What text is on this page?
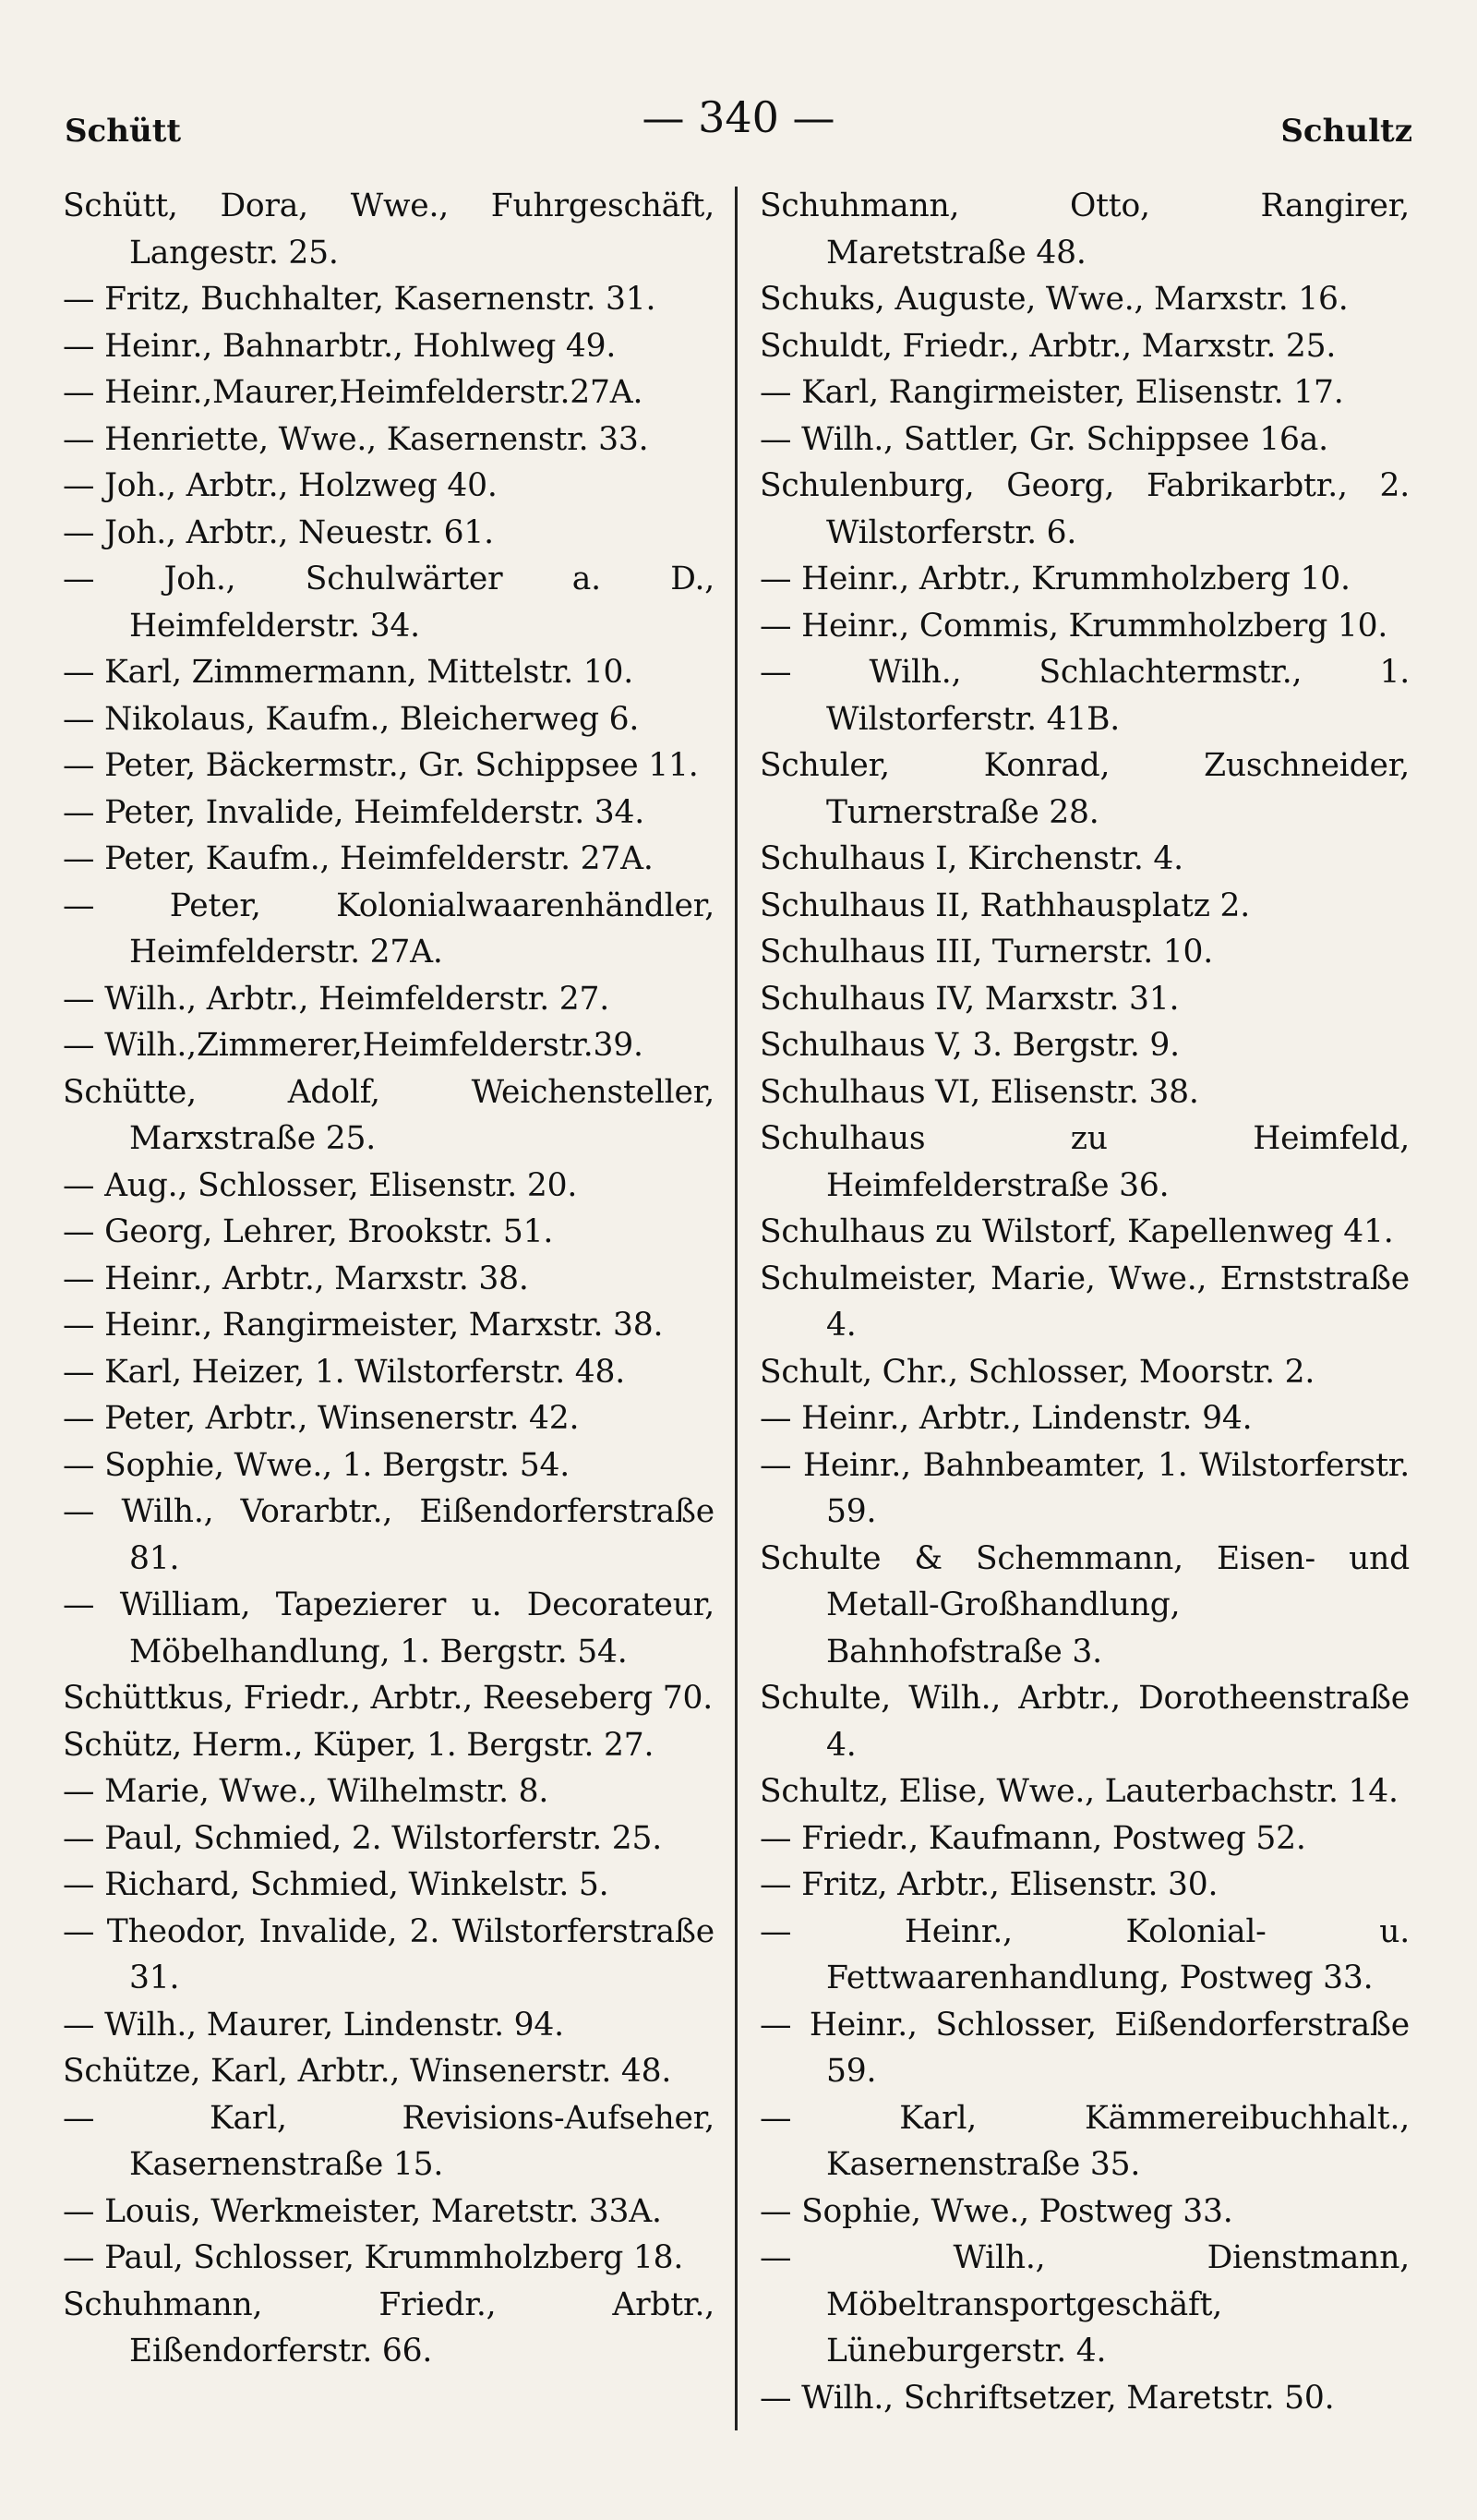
Schütt	— 340 —	Schultz
Schütt, Dora, Wwe., Fuhrgeschäft, Langestr. 25.
— Fritz, Buchhalter, Kasernenstr. 31.
— Heinr., Bahnarbtr., Hohlweg 49.
— Heinr.,Maurer,Heimfelderstr.27A.
— Henriette, Wwe., Kasernenstr. 33.
— Joh., Arbtr., Holzweg 40.
— Joh., Arbtr., Neuestr. 61.
— Joh., Schulwärter a. D., Heimfelderstr. 34.
— Karl, Zimmermann, Mittelstr. 10.
— Nikolaus, Kaufm., Bleicherweg 6.
— Peter, Bäckermstr., Gr. Schippsee 11.
— Peter, Invalide, Heimfelderstr. 34.
— Peter, Kaufm., Heimfelderstr. 27A.
— Peter, Kolonialwaarenhändler, Heimfelderstr. 27A.
— Wilh., Arbtr., Heimfelderstr. 27.
— Wilh.,Zimmerer,Heimfelderstr.39.
Schütte, Adolf, Weichensteller, Marxstraße 25.
— Aug., Schlosser, Elisenstr. 20.
— Georg, Lehrer, Brookstr. 51.
— Heinr., Arbtr., Marxstr. 38.
— Heinr., Rangirmeister, Marxstr. 38.
— Karl, Heizer, 1. Wilstorferstr. 48.
— Peter, Arbtr., Winsenerstr. 42.
— Sophie, Wwe., 1. Bergstr. 54.
— Wilh., Vorarbtr., Eißendorferstraße 81.
— William, Tapezierer u. Decorateur, Möbelhandlung, 1. Bergstr. 54.
Schüttkus, Friedr., Arbtr., Reeseberg 70.
Schütz, Herm., Küper, 1. Bergstr. 27.
— Marie, Wwe., Wilhelmstr. 8.
— Paul, Schmied, 2. Wilstorferstr. 25.
— Richard, Schmied, Winkelstr. 5.
— Theodor, Invalide, 2. Wilstorferstraße 31.
— Wilh., Maurer, Lindenstr. 94.
Schütze, Karl, Arbtr., Winsenerstr. 48.
— Karl, Revisions-Aufseher, Kasernenstraße 15.
— Louis, Werkmeister, Maretstr. 33A.
— Paul, Schlosser, Krummholzberg 18.
Schuhmann, Friedr., Arbtr., Eißendorferstr. 66.
Schuhmann, Otto, Rangirer, Maretstraße 48.
Schuks, Auguste, Wwe., Marxstr. 16.
Schuldt, Friedr., Arbtr., Marxstr. 25.
— Karl, Rangirmeister, Elisenstr. 17.
— Wilh., Sattler, Gr. Schippsee 16a.
Schulenburg, Georg, Fabrikarbtr., 2. Wilstorferstr. 6.
— Heinr., Arbtr., Krummholzberg 10.
— Heinr., Commis, Krummholzberg 10.
— Wilh., Schlachtermstr., 1. Wilstorferstr. 41B.
Schuler, Konrad, Zuschneider, Turnerstraße 28.
Schulhaus I, Kirchenstr. 4.
Schulhaus II, Rathhausplatz 2.
Schulhaus III, Turnerstr. 10.
Schulhaus IV, Marxstr. 31.
Schulhaus V, 3. Bergstr. 9.
Schulhaus VI, Elisenstr. 38.
Schulhaus zu Heimfeld, Heimfelderstraße 36.
Schulhaus zu Wilstorf, Kapellenweg 41.
Schulmeister, Marie, Wwe., Ernststraße 4.
Schult, Chr., Schlosser, Moorstr. 2.
— Heinr., Arbtr., Lindenstr. 94.
— Heinr., Bahnbeamter, 1. Wilstorferstr. 59.
Schulte & Schemmann, Eisen- und Metall-Großhandlung, Bahnhofstraße 3.
Schulte, Wilh., Arbtr., Dorotheenstraße 4.
Schultz, Elise, Wwe., Lauterbachstr. 14.
— Friedr., Kaufmann, Postweg 52.
— Fritz, Arbtr., Elisenstr. 30.
— Heinr., Kolonial- u. Fettwaarenhandlung, Postweg 33.
— Heinr., Schlosser, Eißendorferstraße 59.
— Karl, Kämmereibuchhalt., Kasernenstraße 35.
— Sophie, Wwe., Postweg 33.
— Wilh., Dienstmann, Möbeltransportgeschäft, Lüneburgerstr. 4.
— Wilh., Schriftsetzer, Maretstr. 50.
